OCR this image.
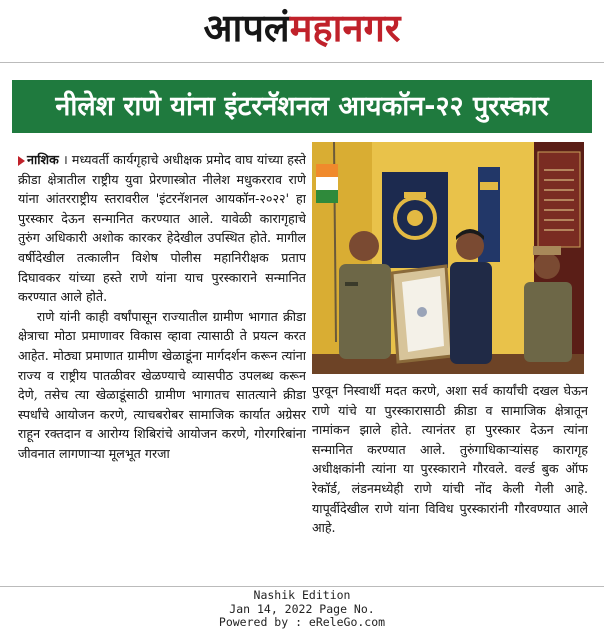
आपलंमहानगर
नीलेश राणे यांना इंटरनॅशनल आयकॉन-२२ पुरस्कार

नाशिक । मध्यवर्ती कार्यगृहाचे अधीक्षक प्रमोद वाघ यांच्या हस्ते क्रीडा क्षेत्रातील राष्ट्रीय युवा प्रेरणास्त्रोत नीलेश मधुकरराव राणे यांना आंतरराष्ट्रीय स्तरावरील 'इंटरनॅशनल आयकॉन-२०२२' हा पुरस्कार देऊन सन्मानित करण्यात आले. यावेळी कारागृहाचे तुरुंग अधिकारी अशोक कारकर हेदेखील उपस्थित होते. मागील वर्षीदेखील तत्कालीन विशेष पोलीस महानिरीक्षक प्रताप दिघावकर यांच्या हस्ते राणे यांना याच पुरस्काराने सन्मानित करण्यात आले होते.

राणे यांनी काही वर्षांपासून राज्यातील ग्रामीण भागात क्रीडा क्षेत्राचा मोठा प्रमाणावर विकास व्हावा त्यासाठी ते प्रयत्न करत आहेत. मोठ्या प्रमाणात ग्रामीण खेळाडूंना मार्गदर्शन करून त्यांना राज्य व राष्ट्रीय पातळीवर खेळण्याचे व्यासपीठ उपलब्ध करून देणे, तसेच त्या खेळाडूंसाठी ग्रामीण भागातच सातत्याने क्रीडा स्पर्धांचे आयोजन करणे, त्याचबरोबर सामाजिक कार्यात अग्रेसर राहून रक्तदान व आरोग्य शिबिरांचे आयोजन करणे, गोरगरिबांना जीवनात लागणाऱ्या मूलभूत गरजा

पुरवून निस्वार्थी मदत करणे, अशा सर्व कार्यांची दखल घेऊन राणे यांचे या पुरस्कारासाठी क्रीडा व सामाजिक क्षेत्रातून नामांकन झाले होते. त्यानंतर हा पुरस्कार देऊन त्यांना सन्मानित करण्यात आले. तुरुंगाधिकाऱ्यांसह कारागृह अधीक्षकांनी त्यांना या पुरस्काराने गौरवले. वर्ल्ड बुक ऑफ रेकॉर्ड, लंडनमध्येही राणे यांची नोंद केली गेली आहे. यापूर्वीदेखील राणे यांना विविध पुरस्कारांनी गौरवण्यात आले आहे.

Nashik Edition
Jan 14, 2022 Page No.
Powered by : eReleGo.com
